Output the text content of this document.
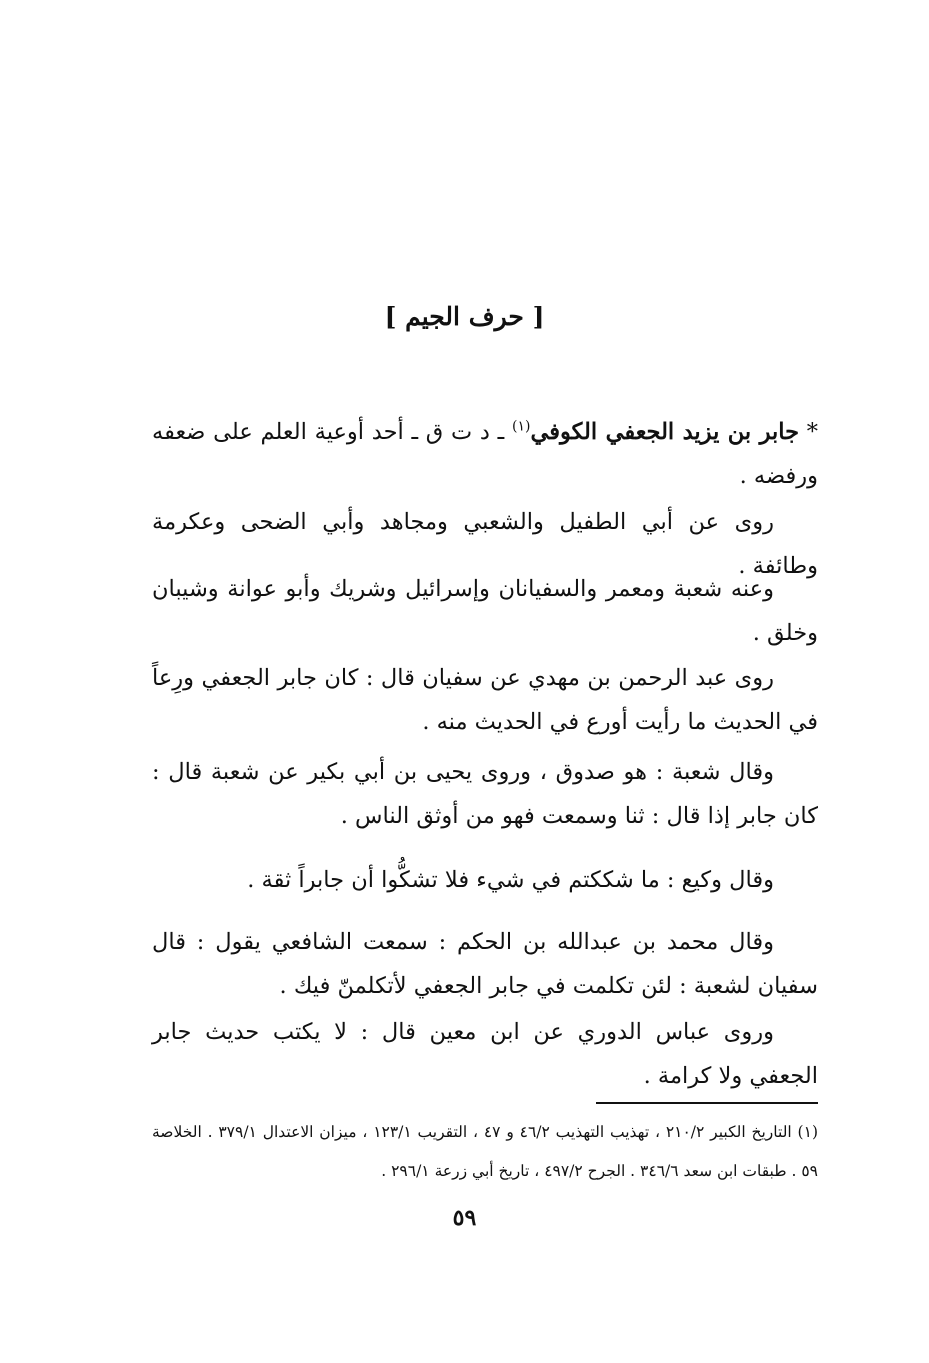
[ حرف الجيم ]
* جابر بن يزيد الجعفي الكوفي$^{(١)}$ ـ د ت ق ـ أحد أوعية العلم على ضعفه ورفضه .
روى عن أبي الطفيل والشعبي ومجاهد وأبي الضحى وعكرمة وطائفة .
وعنه شعبة ومعمر والسفيانان وإسرائيل وشريك وأبو عوانة وشيبان وخلق .
روى عبد الرحمن بن مهدي عن سفيان قال : كان جابر الجعفي ورِعاً في الحديث ما رأيت أورع في الحديث منه .
وقال شعبة : هو صدوق ، وروى يحيى بن أبي بكير عن شعبة قال : كان جابر إذا قال : ثنا وسمعت فهو من أوثق الناس .
وقال وكيع : ما شككتم في شيء فلا تشكُّوا أن جابراً ثقة .
وقال محمد بن عبدالله بن الحكم : سمعت الشافعي يقول : قال سفيان لشعبة : لئن تكلمت في جابر الجعفي لأتكلمنّ فيك .
وروى عباس الدوري عن ابن معين قال : لا يكتب حديث جابر الجعفي ولا كرامة .
(١) التاريخ الكبير ٢١٠/٢ ، تهذيب التهذيب ٤٦/٢ و ٤٧ ، التقريب ١٢٣/١ ، ميزان الاعتدال ٣٧٩/١ . الخلاصة ٥٩ . طبقات ابن سعد ٣٤٦/٦ . الجرح ٤٩٧/٢ ، تاريخ أبي زرعة ٢٩٦/١ .
٥٩
